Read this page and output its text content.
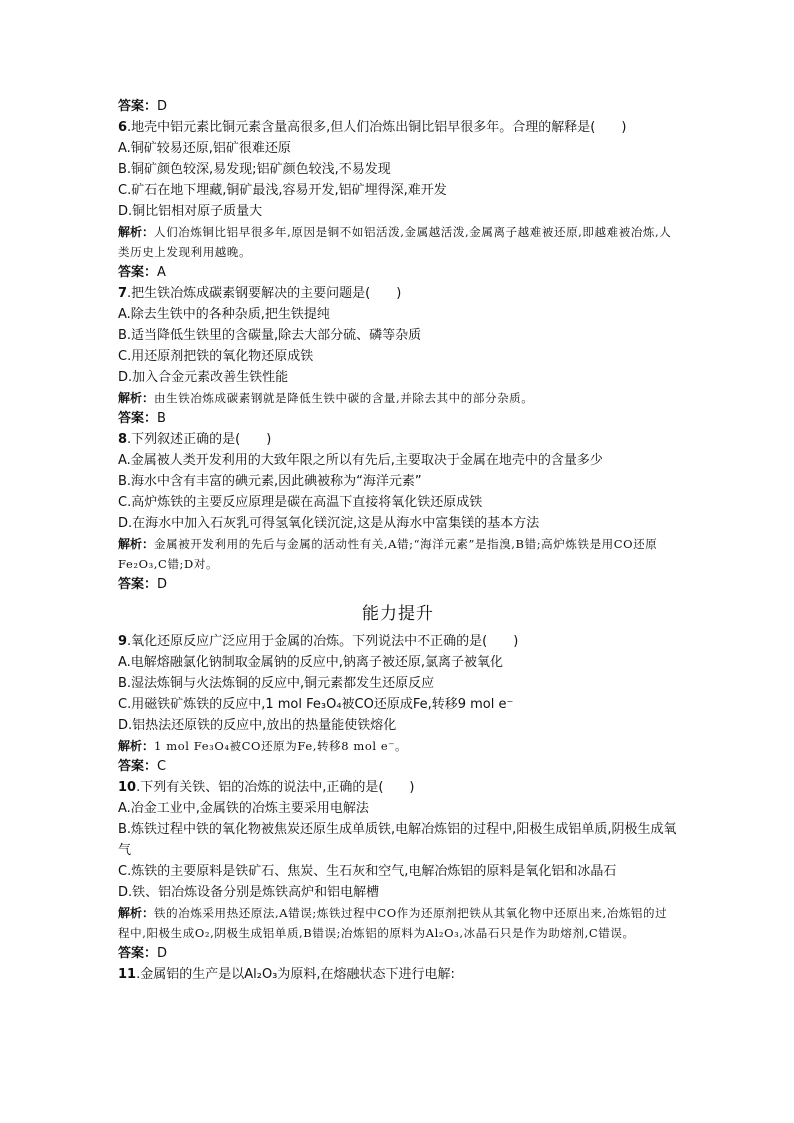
答案：D
6.地壳中铝元素比铜元素含量高很多,但人们冶炼出铜比铝早很多年。合理的解释是(　　)
A.铜矿较易还原,铝矿很难还原
B.铜矿颜色较深,易发现;铝矿颜色较浅,不易发现
C.矿石在地下埋藏,铜矿最浅,容易开发,铝矿埋得深,难开发
D.铜比铝相对原子质量大
解析：人们冶炼铜比铝早很多年,原因是铜不如铝活泼,金属越活泼,金属离子越难被还原,即越难被冶炼,人类历史上发现利用越晚。
答案：A
7.把生铁冶炼成碳素钢要解决的主要问题是(　　)
A.除去生铁中的各种杂质,把生铁提纯
B.适当降低生铁里的含碳量,除去大部分硫、磷等杂质
C.用还原剂把铁的氧化物还原成铁
D.加入合金元素改善生铁性能
解析：由生铁冶炼成碳素钢就是降低生铁中碳的含量,并除去其中的部分杂质。
答案：B
8.下列叙述正确的是(　　)
A.金属被人类开发利用的大致年限之所以有先后,主要取决于金属在地壳中的含量多少
B.海水中含有丰富的碘元素,因此碘被称为“海洋元素”
C.高炉炼铁的主要反应原理是碳在高温下直接将氧化铁还原成铁
D.在海水中加入石灰乳可得氢氧化镁沉淀,这是从海水中富集镁的基本方法
解析：金属被开发利用的先后与金属的活动性有关,A错;“海洋元素”是指溴,B错;高炉炼铁是用CO还原Fe₂O₃,C错;D对。
答案：D
能力提升
9.氧化还原反应广泛应用于金属的冶炼。下列说法中不正确的是(　　)
A.电解熔融氯化钠制取金属钠的反应中,钠离子被还原,氯离子被氧化
B.湿法炼铜与火法炼铜的反应中,铜元素都发生还原反应
C.用磁铁矿炼铁的反应中,1 mol Fe₃O₄被CO还原成Fe,转移9 mol e⁻
D.铝热法还原铁的反应中,放出的热量能使铁熔化
解析：1 mol Fe₃O₄被CO还原为Fe,转移8 mol e⁻。
答案：C
10.下列有关铁、铝的冶炼的说法中,正确的是(　　)
A.冶金工业中,金属铁的冶炼主要采用电解法
B.炼铁过程中铁的氧化物被焦炭还原生成单质铁,电解冶炼铝的过程中,阳极生成铝单质,阴极生成氧气
C.炼铁的主要原料是铁矿石、焦炭、生石灰和空气,电解冶炼铝的原料是氧化铝和冰晶石
D.铁、铝冶炼设备分别是炼铁高炉和铝电解槽
解析：铁的冶炼采用热还原法,A错误;炼铁过程中CO作为还原剂把铁从其氧化物中还原出来,冶炼铝的过程中,阳极生成O₂,阴极生成铝单质,B错误;冶炼铝的原料为Al₂O₃,冰晶石只是作为助熔剂,C错误。
答案：D
11.金属铝的生产是以Al₂O₃为原料,在熔融状态下进行电解:
